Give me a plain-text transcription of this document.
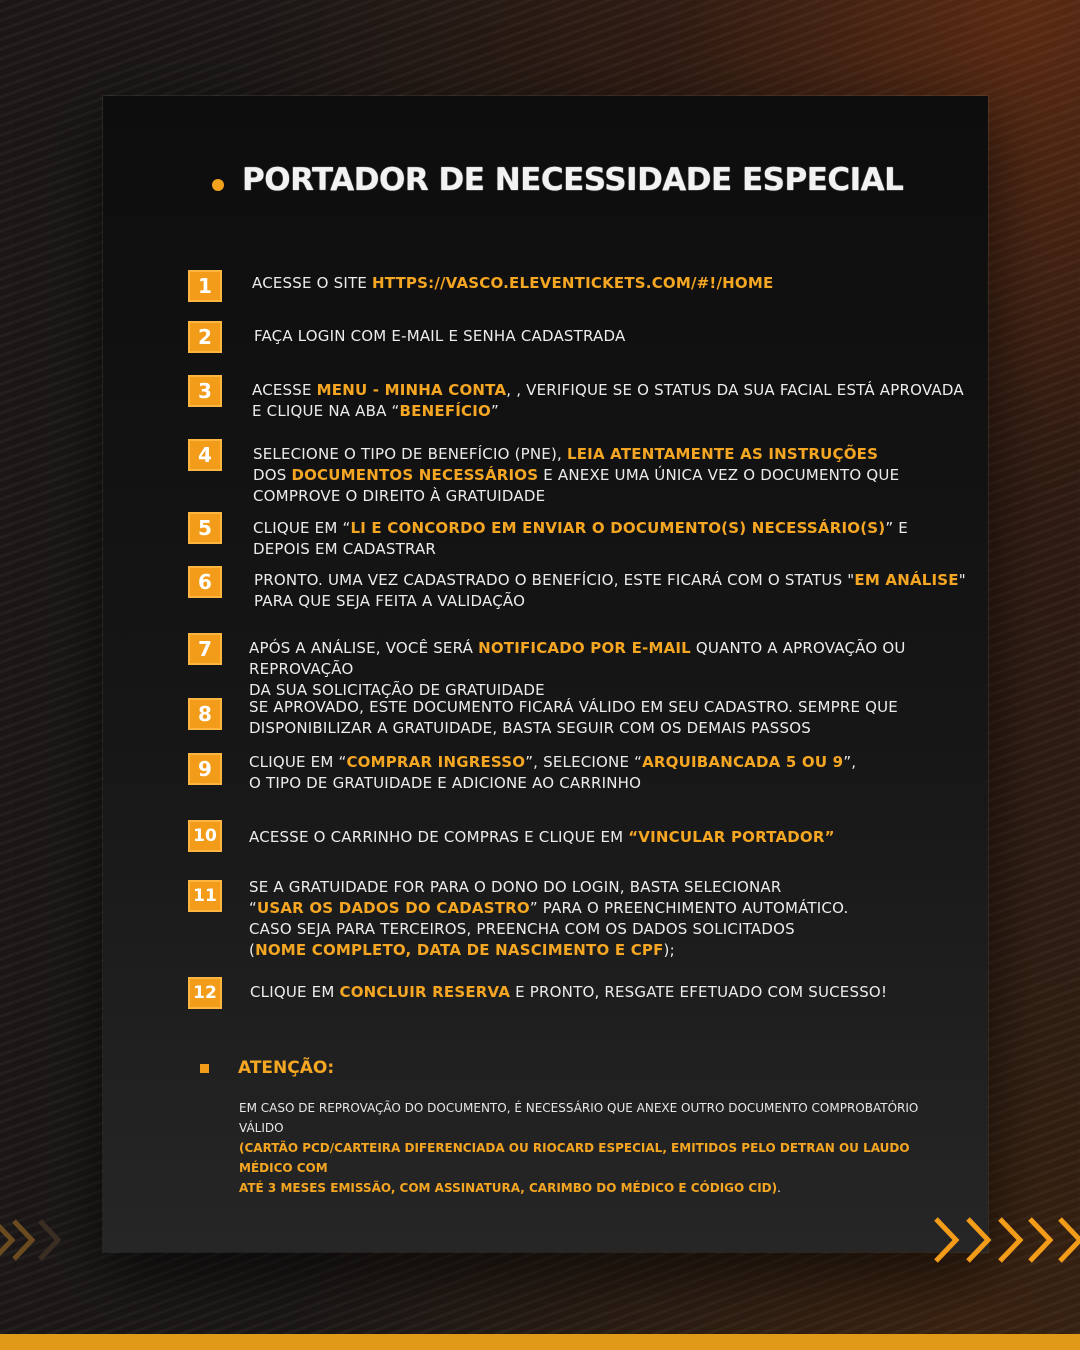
PORTADOR DE NECESSIDADE ESPECIAL
1	ACESSE O SITE HTTPS://VASCO.ELEVENTICKETS.COM/#!/HOME
2	FAÇA LOGIN COM E-MAIL E SENHA CADASTRADA
3	ACESSE MENU - MINHA CONTA, , VERIFIQUE SE O STATUS DA SUA FACIAL ESTÁ APROVADA
E CLIQUE NA ABA “BENEFÍCIO”
4	SELECIONE O TIPO DE BENEFÍCIO (PNE), LEIA ATENTAMENTE AS INSTRUÇÕES
DOS DOCUMENTOS NECESSÁRIOS E ANEXE UMA ÚNICA VEZ O DOCUMENTO QUE
COMPROVE O DIREITO À GRATUIDADE
5	CLIQUE EM “LI E CONCORDO EM ENVIAR O DOCUMENTO(S) NECESSÁRIO(S)” E
DEPOIS EM CADASTRAR
6	PRONTO. UMA VEZ CADASTRADO O BENEFÍCIO, ESTE FICARÁ COM O STATUS "EM ANÁLISE"
PARA QUE SEJA FEITA A VALIDAÇÃO
7	APÓS A ANÁLISE, VOCÊ SERÁ NOTIFICADO POR E-MAIL QUANTO A APROVAÇÃO OU REPROVAÇÃO
DA SUA SOLICITAÇÃO DE GRATUIDADE
8	SE APROVADO, ESTE DOCUMENTO FICARÁ VÁLIDO EM SEU CADASTRO. SEMPRE QUE
DISPONIBILIZAR A GRATUIDADE, BASTA SEGUIR COM OS DEMAIS PASSOS
9	CLIQUE EM “COMPRAR INGRESSO”, SELECIONE “ARQUIBANCADA 5 OU 9”,
O TIPO DE GRATUIDADE E ADICIONE AO CARRINHO
10	ACESSE O CARRINHO DE COMPRAS E CLIQUE EM “VINCULAR PORTADOR”
11	SE A GRATUIDADE FOR PARA O DONO DO LOGIN, BASTA SELECIONAR
“USAR OS DADOS DO CADASTRO” PARA O PREENCHIMENTO AUTOMÁTICO.
CASO SEJA PARA TERCEIROS, PREENCHA COM OS DADOS SOLICITADOS
(NOME COMPLETO, DATA DE NASCIMENTO E CPF);
12	CLIQUE EM CONCLUIR RESERVA E PRONTO, RESGATE EFETUADO COM SUCESSO!
ATENÇÃO:
EM CASO DE REPROVAÇÃO DO DOCUMENTO, É NECESSÁRIO QUE ANEXE OUTRO DOCUMENTO COMPROBATÓRIO VÁLIDO
(CARTÃO PCD/CARTEIRA DIFERENCIADA OU RIOCARD ESPECIAL, EMITIDOS PELO DETRAN OU LAUDO MÉDICO COM
ATÉ 3 MESES EMISSÃO, COM ASSINATURA, CARIMBO DO MÉDICO E CÓDIGO CID).
